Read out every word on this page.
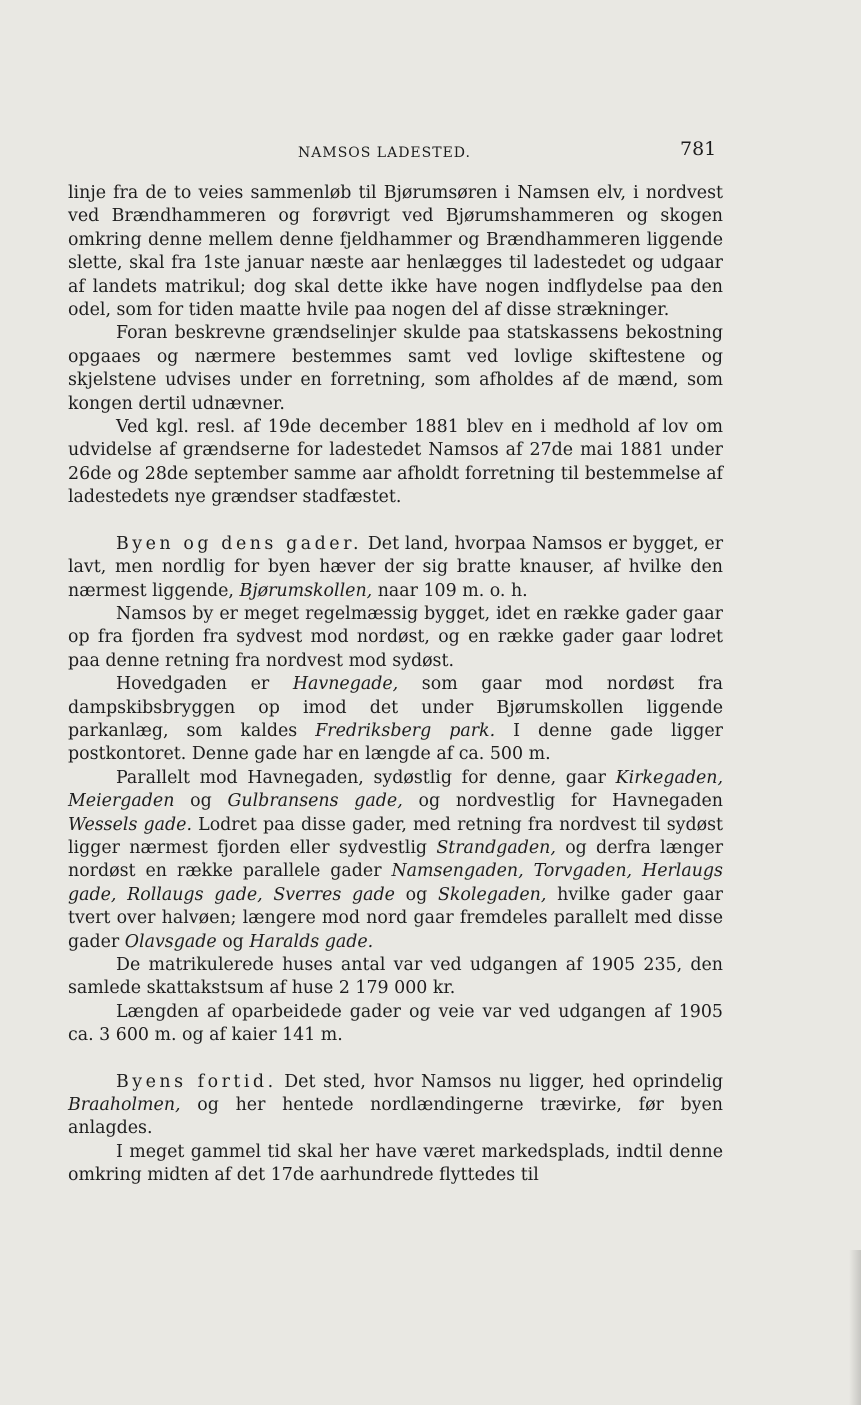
NAMSOS LADESTED.	781

linje fra de to veies sammenløb til Bjørumsøren i Namsen elv, i nordvest ved Brændhammeren og forøvrigt ved Bjørumshammeren og skogen omkring denne mellem denne fjeldhammer og Brændhammeren liggende slette, skal fra 1ste januar næste aar henlægges til ladestedet og udgaar af landets matrikul; dog skal dette ikke have nogen indflydelse paa den odel, som for tiden maatte hvile paa nogen del af disse strækninger.

Foran beskrevne grændselinjer skulde paa statskassens bekostning opgaaes og nærmere bestemmes samt ved lovlige skiftestene og skjelstene udvises under en forretning, som afholdes af de mænd, som kongen dertil udnævner.

Ved kgl. resl. af 19de december 1881 blev en i medhold af lov om udvidelse af grændserne for ladestedet Namsos af 27de mai 1881 under 26de og 28de september samme aar afholdt forretning til bestemmelse af ladestedets nye grændser stadfæstet.

Byen og dens gader. Det land, hvorpaa Namsos er bygget, er lavt, men nordlig for byen hæver der sig bratte knauser, af hvilke den nærmest liggende, Bjørumskollen, naar 109 m. o. h.

Namsos by er meget regelmæssig bygget, idet en række gader gaar op fra fjorden fra sydvest mod nordøst, og en række gader gaar lodret paa denne retning fra nordvest mod sydøst.

Hovedgaden er Havnegade, som gaar mod nordøst fra dampskibsbryggen op imod det under Bjørumskollen liggende parkanlæg, som kaldes Fredriksberg park. I denne gade ligger postkontoret. Denne gade har en længde af ca. 500 m.

Parallelt mod Havnegaden, sydøstlig for denne, gaar Kirkegaden, Meiergaden og Gulbransens gade, og nordvestlig for Havnegaden Wessels gade. Lodret paa disse gader, med retning fra nordvest til sydøst ligger nærmest fjorden eller sydvestlig Strandgaden, og derfra længer nordøst en række parallele gader Namsengaden, Torvgaden, Herlaugs gade, Rollaugs gade, Sverres gade og Skolegaden, hvilke gader gaar tvert over halvøen; længere mod nord gaar fremdeles parallelt med disse gader Olavsgade og Haralds gade.

De matrikulerede huses antal var ved udgangen af 1905 235, den samlede skattakstsum af huse 2 179 000 kr.

Længden af oparbeidede gader og veie var ved udgangen af 1905 ca. 3 600 m. og af kaier 141 m.

Byens fortid. Det sted, hvor Namsos nu ligger, hed oprindelig Braaholmen, og her hentede nordlændingerne trævirke, før byen anlagdes.

I meget gammel tid skal her have været markedsplads, indtil denne omkring midten af det 17de aarhundrede flyttedes til
